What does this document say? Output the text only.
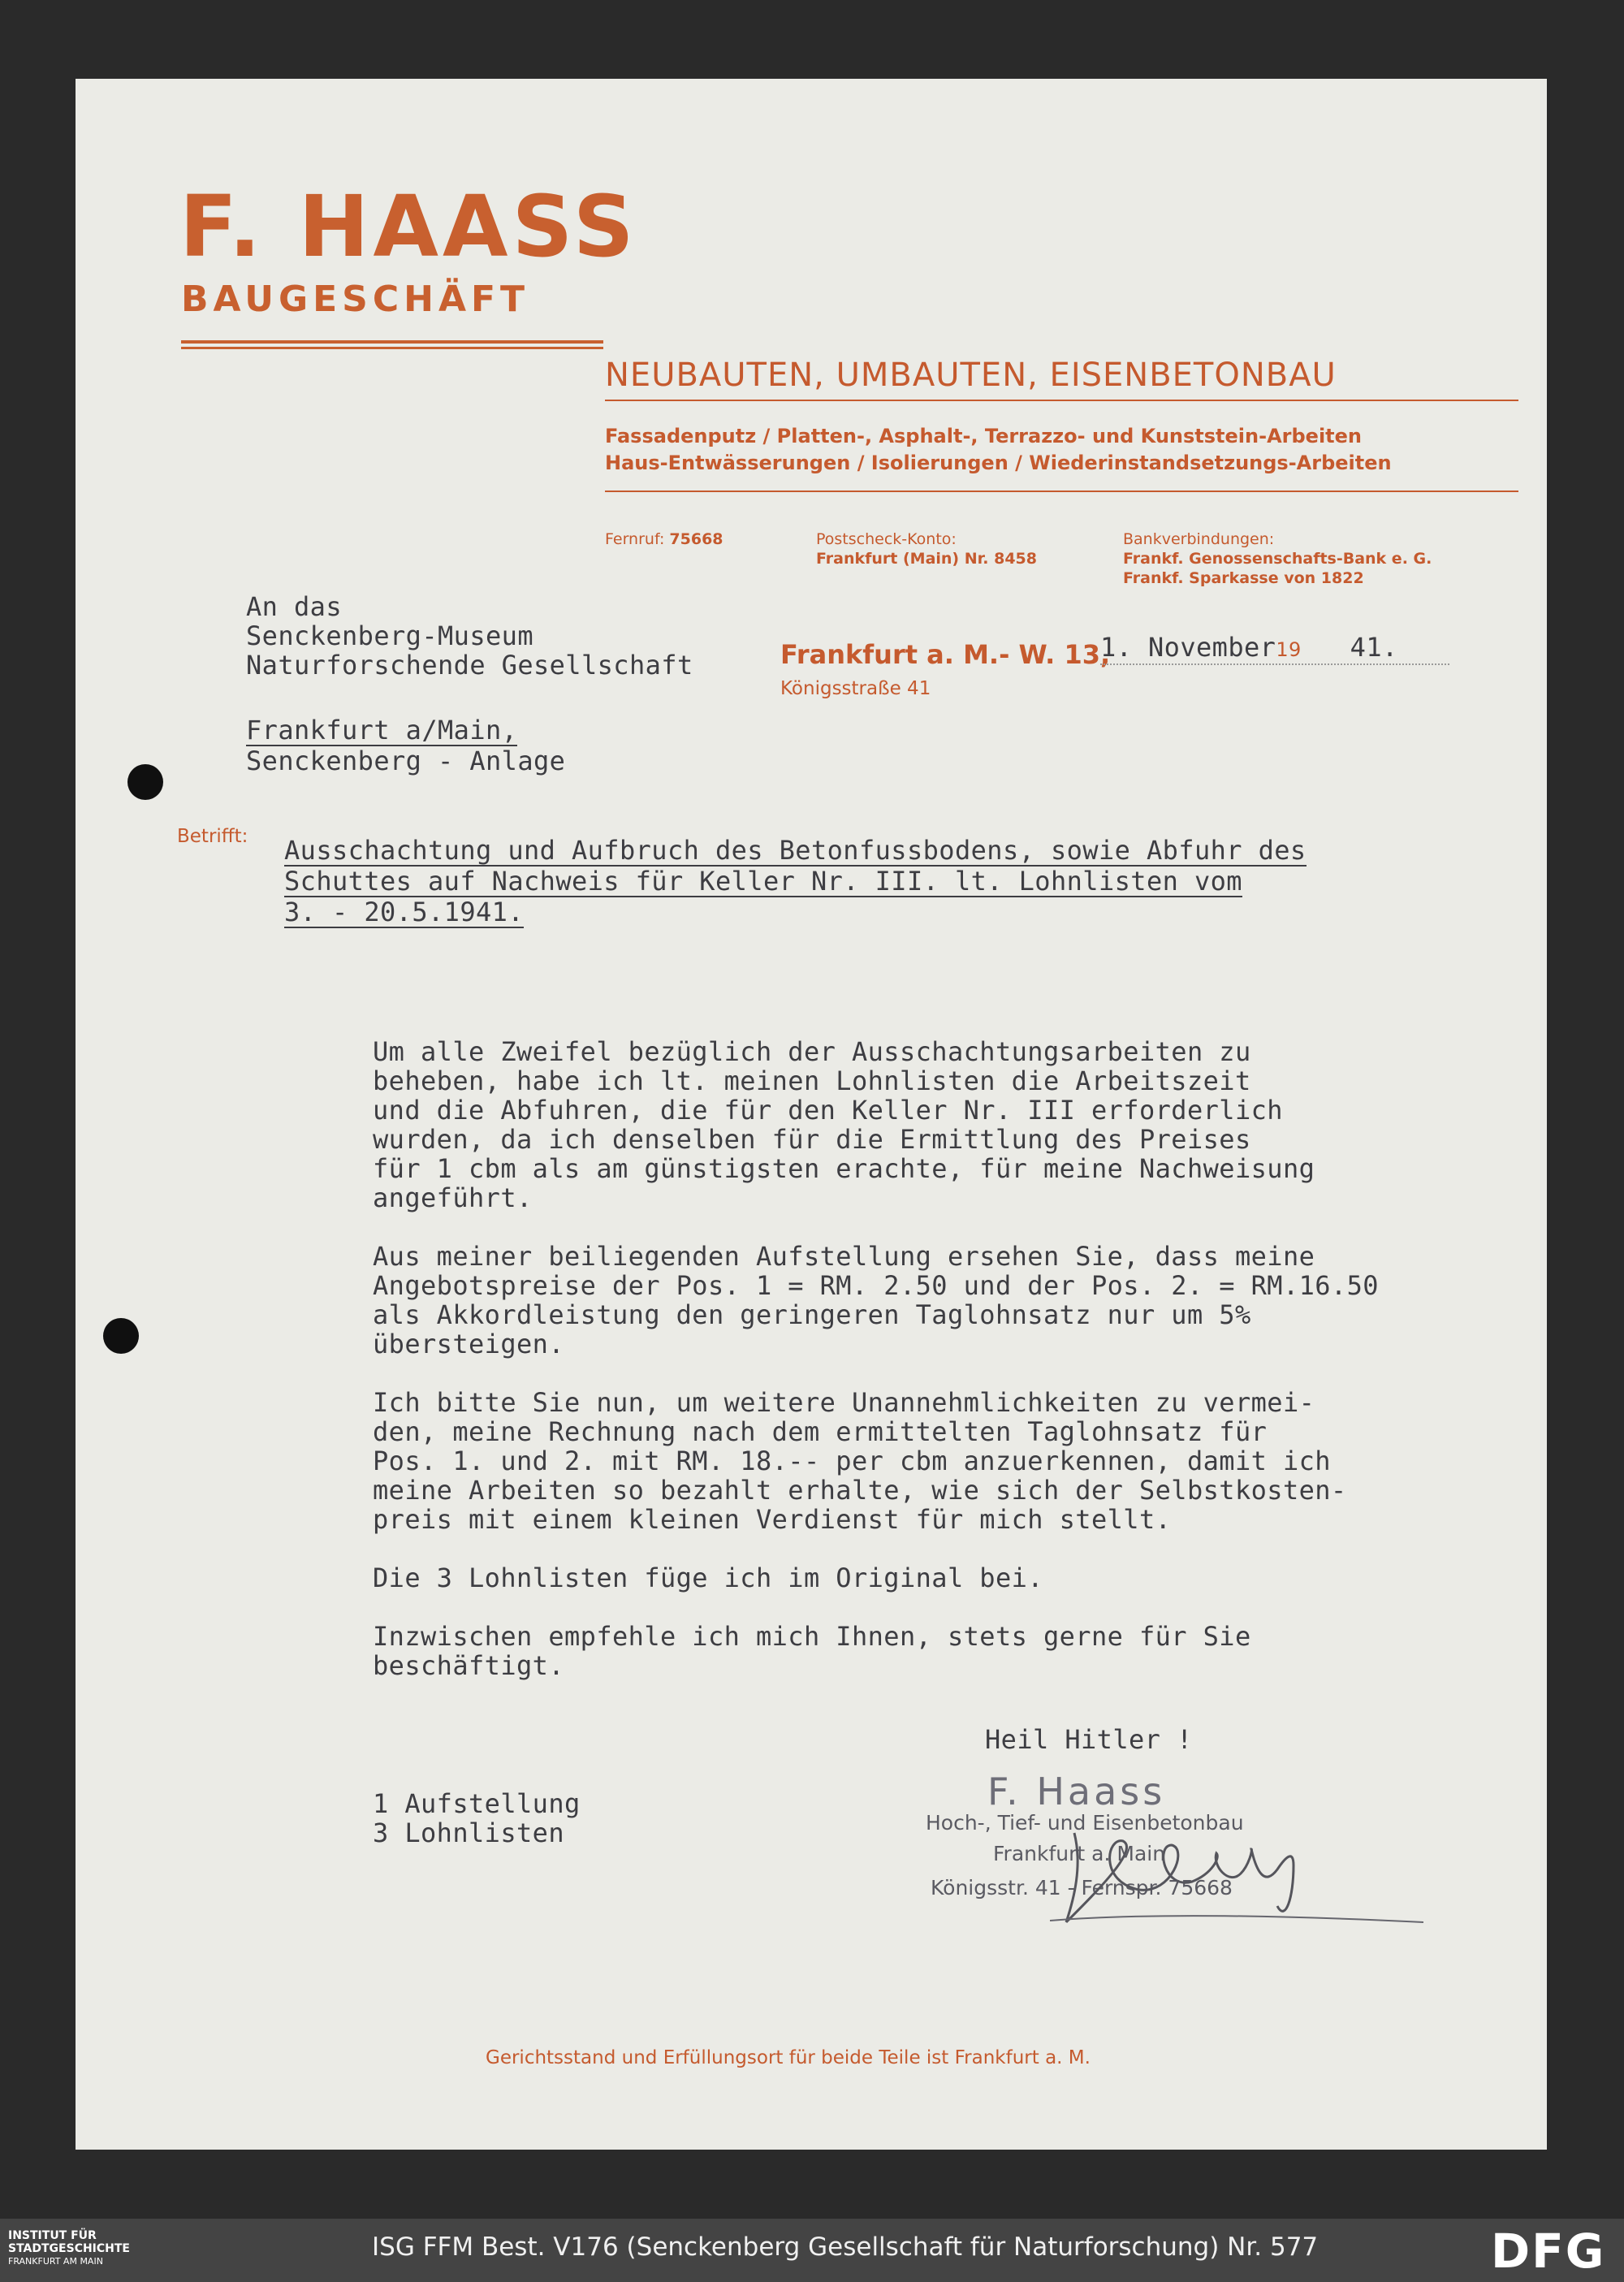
F. HAASS
BAUGESCHÄFT
NEUBAUTEN, UMBAUTEN, EISENBETONBAU
Fassadenputz / Platten-, Asphalt-, Terrazzo- und Kunststein-Arbeiten
Haus-Entwässerungen / Isolierungen / Wiederinstandsetzungs-Arbeiten
Fernruf: 75668	Postscheck-Konto:
Frankfurt (Main) Nr. 8458
Bankverbindungen:
Frankf. Genossenschafts-Bank e. G.
Frankf. Sparkasse von 1822
An das
Senckenberg-Museum
Naturforschende Gesellschaft	Frankfurt a. M.- W. 13,
Königsstraße 41
1. November19 41.
Frankfurt a/Main,
Senckenberg - Anlage
Betrifft: Ausschachtung und Aufbruch des Betonfussbodens, sowie Abfuhr des
Schuttes auf Nachweis für Keller Nr. III. lt. Lohnlisten vom
3. - 20.5.1941.
Um alle Zweifel bezüglich der Ausschachtungsarbeiten zu
beheben, habe ich lt. meinen Lohnlisten die Arbeitszeit
und die Abfuhren, die für den Keller Nr. III erforderlich
wurden, da ich denselben für die Ermittlung des Preises
für 1 cbm als am günstigsten erachte, für meine Nachweisung
angeführt.
Aus meiner beiliegenden Aufstellung ersehen Sie, dass meine
Angebotspreise der Pos. 1 = RM. 2.50 und der Pos. 2. = RM.16.50
als Akkordleistung den geringeren Taglohnsatz nur um 5%
übersteigen.
Ich bitte Sie nun, um weitere Unannehmlichkeiten zu vermei-
den, meine Rechnung nach dem ermittelten Taglohnsatz für
Pos. 1. und 2. mit RM. 18.-- per cbm anzuerkennen, damit ich
meine Arbeiten so bezahlt erhalte, wie sich der Selbstkosten-
preis mit einem kleinen Verdienst für mich stellt.
Die 3 Lohnlisten füge ich im Original bei.
Inzwischen empfehle ich mich Ihnen, stets gerne für Sie
beschäftigt.
Heil Hitler !
F. Haass
Hoch-, Tief- und Eisenbetonbau
Frankfurt a. Main
Königsstr. 41 - Fernspr. 75668
1 Aufstellung
3 Lohnlisten
Gerichtsstand und Erfüllungsort für beide Teile ist Frankfurt a. M.
INSTITUT FÜR
STADTGESCHICHTE
FRANKFURT AM MAIN	ISG FFM Best. V176 (Senckenberg Gesellschaft für Naturforschung) Nr. 577	DFG
